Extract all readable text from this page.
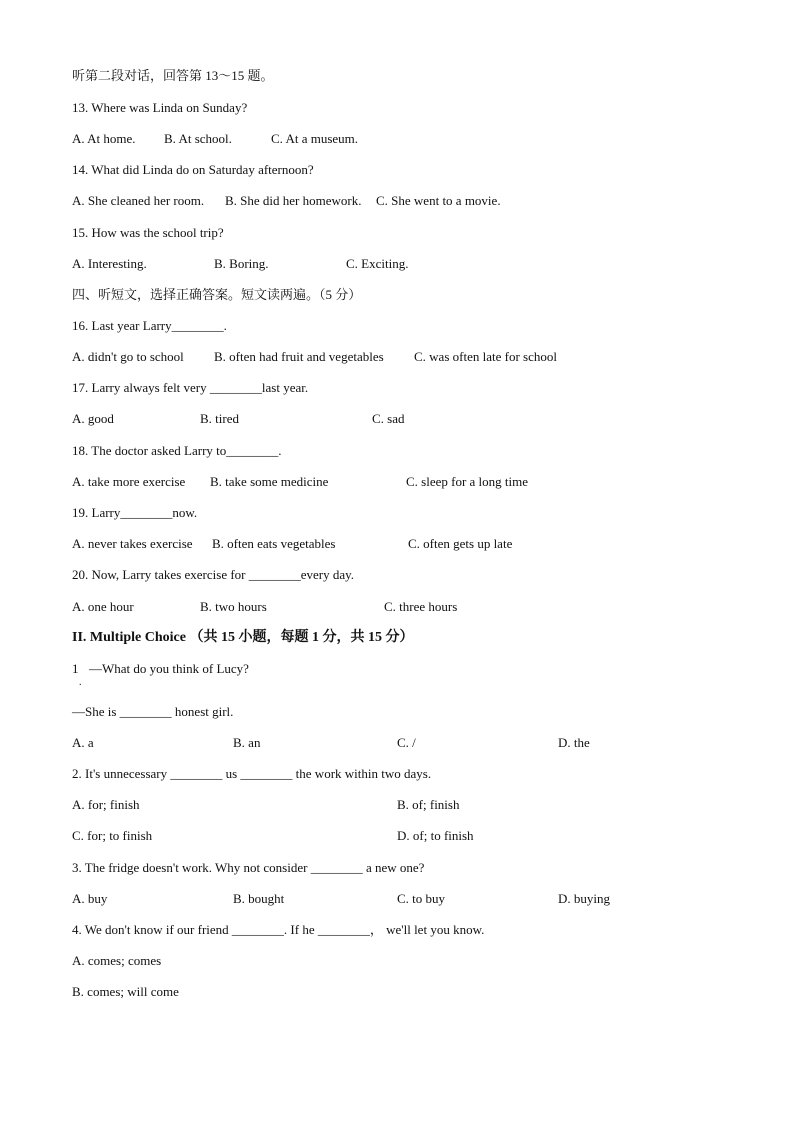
听第二段对话，回答第 13～15 题。
13. Where was Linda on Sunday?
A. At home. B. At school.	C. At a museum.
14. What did Linda do on Saturday afternoon?
A. She cleaned her room. B. She did her homework. C. She went to a movie.
15. How was the school trip?
A. Interesting.	B. Boring.	C. Exciting.
四、听短文，选择正确答案。短文读两遍。（5 分）
16. Last year Larry________.
A. didn't go to school B. often had fruit and vegetables C. was often late for school
17. Larry always felt very ________last year.
A. good	B. tired	C. sad
18. The doctor asked Larry to________.
A. take more exercise B. take some medicine	C. sleep for a long time
19. Larry________now.
A. never takes exercise B. often eats vegetables	C. often gets up late
20. Now, Larry takes exercise for ________every day.
A. one hour	B. two hours	C. three hours
II. Multiple Choice （共 15 小题，每题 1 分，共 15 分）
1
.
—What do you think of Lucy?
—She is ________ honest girl.
A. a	B. an	C. /	D. the
2. It's unnecessary ________ us ________ the work within two days.
A. for; finish	B. of; finish
C. for; to finish	D. of; to finish
3. The fridge doesn't work. Why not consider ________ a new one?
A. buy	B. bought	C. to buy	D. buying
4. We don't know if our friend ________. If he ________， we'll let you know.
A. comes; comes
B. comes; will come
